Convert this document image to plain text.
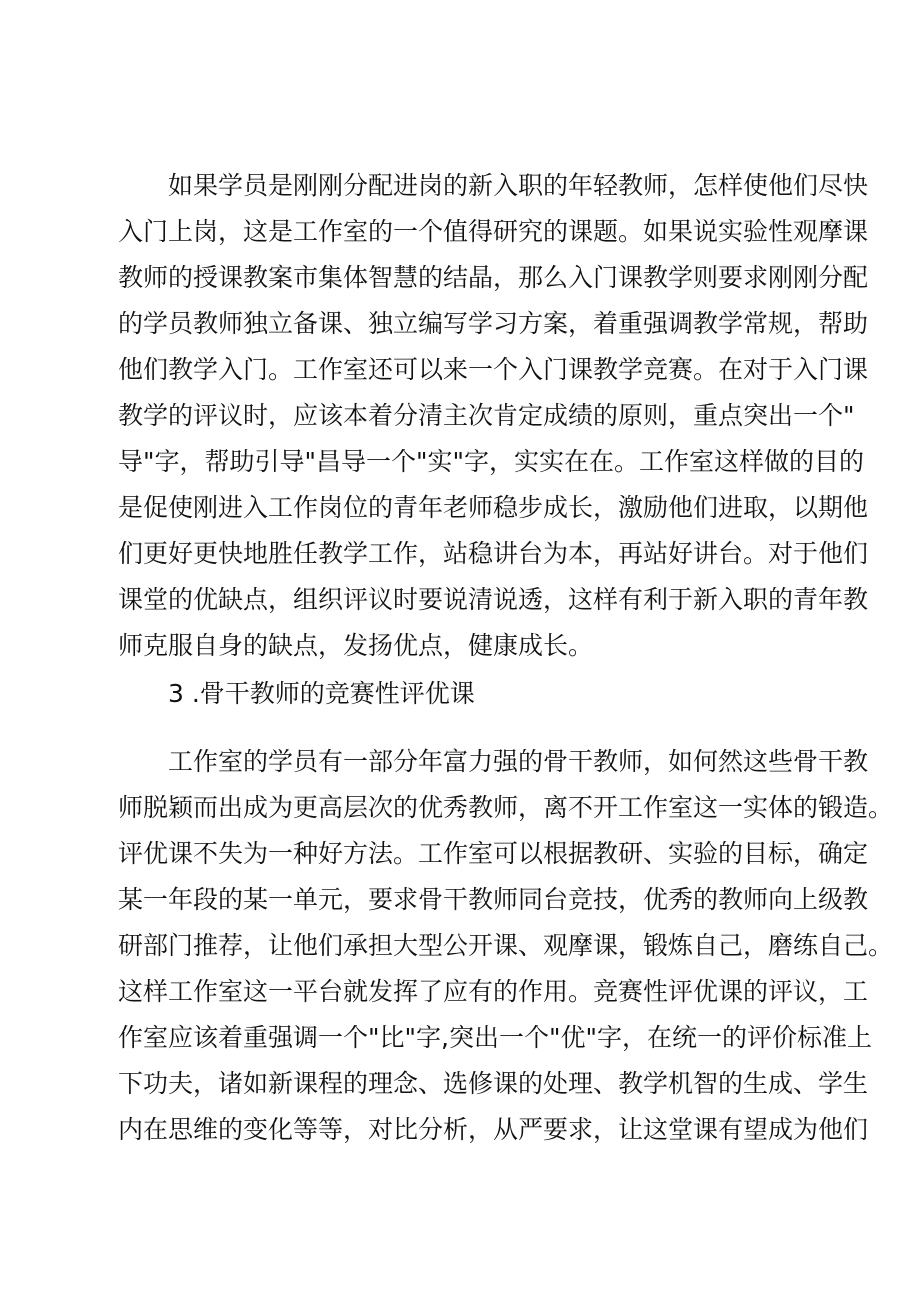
如果学员是刚刚分配进岗的新入职的年轻教师，怎样使他们尽快

入门上岗，这是工作室的一个值得研究的课题。如果说实验性观摩课

教师的授课教案市集体智慧的结晶，那么入门课教学则要求刚刚分配

的学员教师独立备课、独立编写学习方案，着重强调教学常规，帮助

他们教学入门。工作室还可以来一个入门课教学竞赛。在对于入门课

教学的评议时，应该本着分清主次肯定成绩的原则，重点突出一个"

导"字，帮助引导"昌导一个"实"字，实实在在。工作室这样做的目的

是促使刚进入工作岗位的青年老师稳步成长，激励他们进取，以期他

们更好更快地胜任教学工作，站稳讲台为本，再站好讲台。对于他们

课堂的优缺点，组织评议时要说清说透，这样有利于新入职的青年教

师克服自身的缺点，发扬优点，健康成长。

3 .骨干教师的竞赛性评优课

工作室的学员有一部分年富力强的骨干教师，如何然这些骨干教

师脱颖而出成为更高层次的优秀教师，离不开工作室这一实体的锻造。

评优课不失为一种好方法。工作室可以根据教研、实验的目标，确定

某一年段的某一单元，要求骨干教师同台竞技，优秀的教师向上级教

研部门推荐，让他们承担大型公开课、观摩课，锻炼自己，磨练自己。

这样工作室这一平台就发挥了应有的作用。竞赛性评优课的评议，工

作室应该着重强调一个"比"字,突出一个"优"字，在统一的评价标准上

下功夫，诸如新课程的理念、选修课的处理、教学机智的生成、学生

内在思维的变化等等，对比分析，从严要求，让这堂课有望成为他们
